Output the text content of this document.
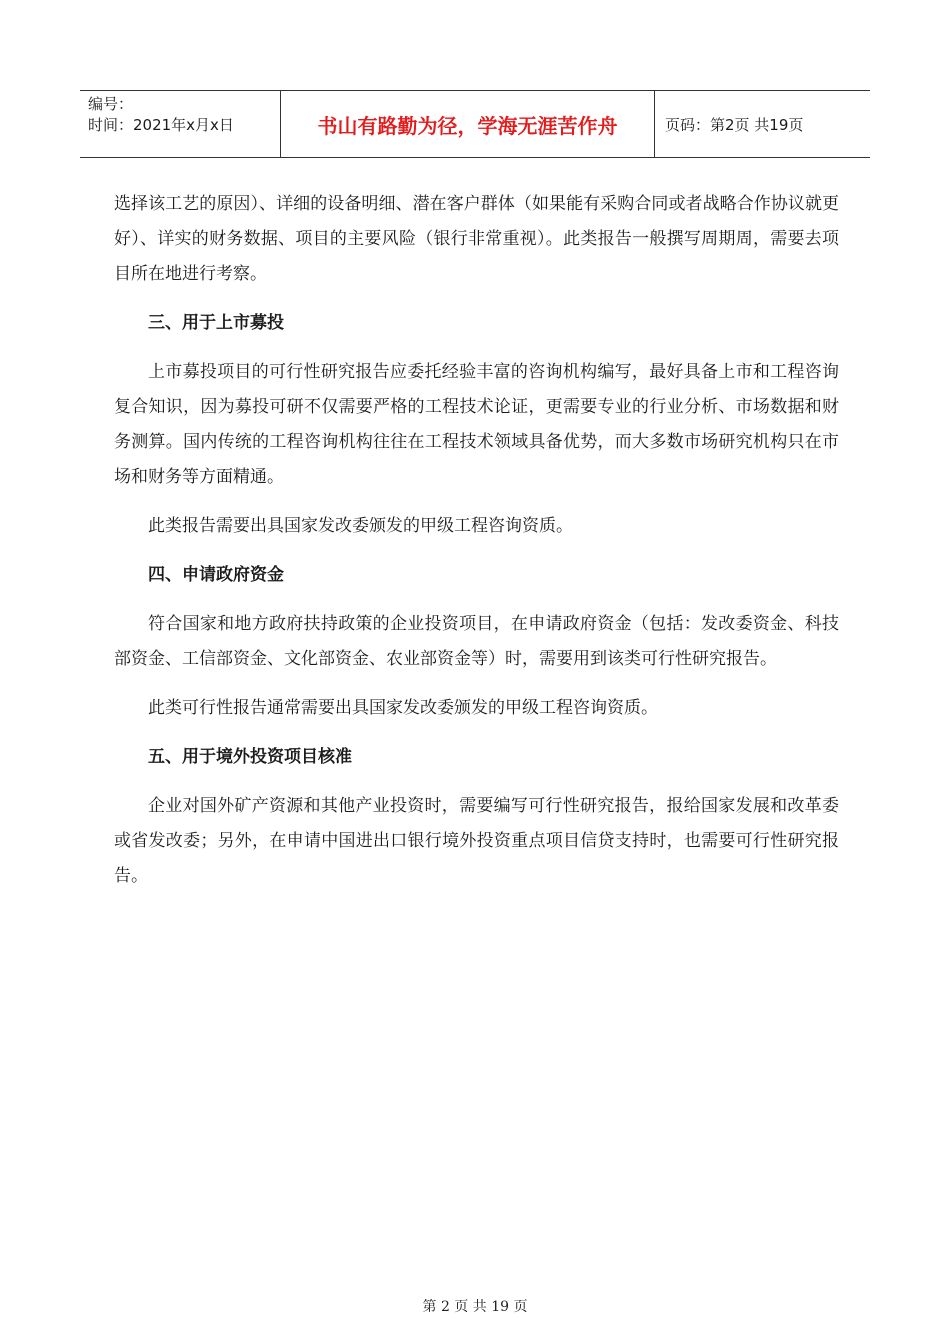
编号：
时间：2021年x月x日	书山有路勤为径，学海无涯苦作舟	页码：第2页 共19页

选择该工艺的原因）、详细的设备明细、潜在客户群体（如果能有采购合同或者战略合作协议就更好）、详实的财务数据、项目的主要风险（银行非常重视）。此类报告一般撰写周期周，需要去项目所在地进行考察。

三、用于上市募投

上市募投项目的可行性研究报告应委托经验丰富的咨询机构编写，最好具备上市和工程咨询复合知识，因为募投可研不仅需要严格的工程技术论证，更需要专业的行业分析、市场数据和财务测算。国内传统的工程咨询机构往往在工程技术领域具备优势，而大多数市场研究机构只在市场和财务等方面精通。

此类报告需要出具国家发改委颁发的甲级工程咨询资质。

四、申请政府资金

符合国家和地方政府扶持政策的企业投资项目，在申请政府资金（包括：发改委资金、科技部资金、工信部资金、文化部资金、农业部资金等）时，需要用到该类可行性研究报告。

此类可行性报告通常需要出具国家发改委颁发的甲级工程咨询资质。

五、用于境外投资项目核准

企业对国外矿产资源和其他产业投资时，需要编写可行性研究报告，报给国家发展和改革委或省发改委；另外，在申请中国进出口银行境外投资重点项目信贷支持时，也需要可行性研究报告。

第 2 页 共 19 页
